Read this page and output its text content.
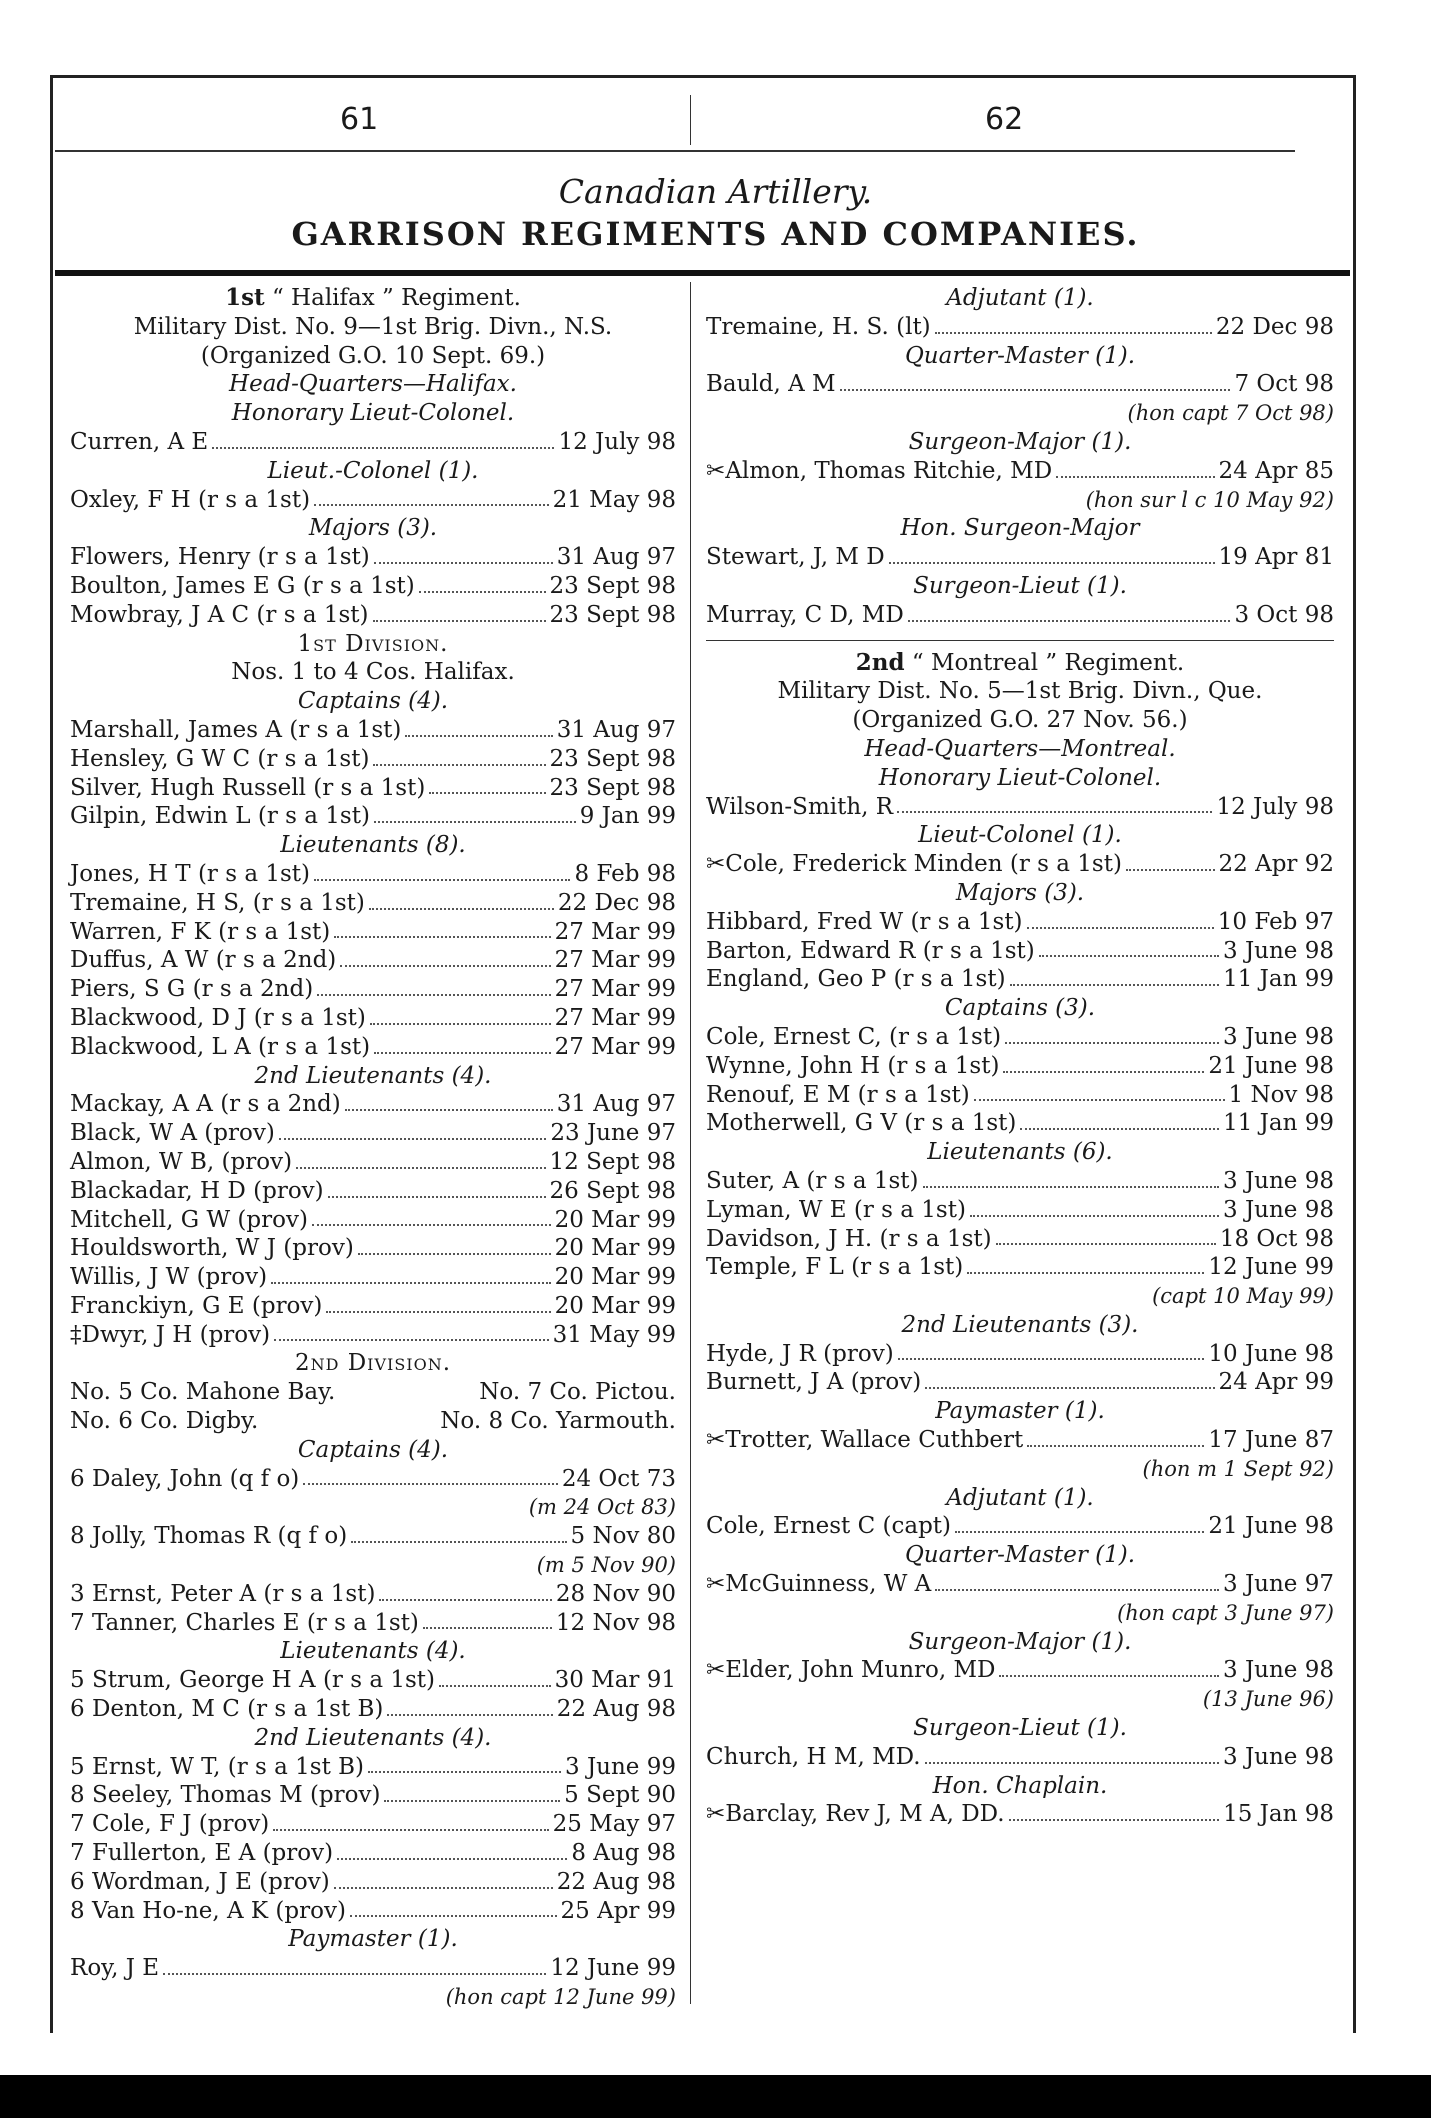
61	62
Canadian Artillery.
GARRISON REGIMENTS AND COMPANIES.
1st “ Halifax ” Regiment.
Military Dist. No. 9—1st Brig. Divn., N.S.
(Organized G.O. 10 Sept. 69.)
Head-Quarters—Halifax.
Honorary Lieut-Colonel.
Curren, A E	12 July 98
Lieut.-Colonel (1).
Oxley, F H (r s a 1st)	21 May 98
Majors (3).
Flowers, Henry (r s a 1st)	31 Aug 97
Boulton, James E G (r s a 1st)	23 Sept 98
Mowbray, J A C (r s a 1st)	23 Sept 98
1st Division.
Nos. 1 to 4 Cos. Halifax.
Captains (4).
Marshall, James A (r s a 1st)	31 Aug 97
Hensley, G W C (r s a 1st)	23 Sept 98
Silver, Hugh Russell (r s a 1st)	23 Sept 98
Gilpin, Edwin L (r s a 1st)	9 Jan 99
Lieutenants (8).
Jones, H T (r s a 1st)	8 Feb 98
Tremaine, H S, (r s a 1st)	22 Dec 98
Warren, F K (r s a 1st)	27 Mar 99
Duffus, A W (r s a 2nd)	27 Mar 99
Piers, S G (r s a 2nd)	27 Mar 99
Blackwood, D J (r s a 1st)	27 Mar 99
Blackwood, L A (r s a 1st)	27 Mar 99
2nd Lieutenants (4).
Mackay, A A (r s a 2nd)	31 Aug 97
Black, W A (prov)	23 June 97
Almon, W B, (prov)	12 Sept 98
Blackadar, H D (prov)	26 Sept 98
Mitchell, G W (prov)	20 Mar 99
Houldsworth, W J (prov)	20 Mar 99
Willis, J W (prov)	20 Mar 99
Franckiyn, G E (prov)	20 Mar 99
‡Dwyr, J H (prov)	31 May 99
2nd Division.
No. 5 Co. Mahone Bay.	No. 7 Co. Pictou.
No. 6 Co. Digby.	No. 8 Co. Yarmouth.
Captains (4).
6 Daley, John (q f o)	24 Oct 73
(m 24 Oct 83)
8 Jolly, Thomas R (q f o)	5 Nov 80
(m 5 Nov 90)
3 Ernst, Peter A (r s a 1st)	28 Nov 90
7 Tanner, Charles E (r s a 1st)	12 Nov 98
Lieutenants (4).
5 Strum, George H A (r s a 1st)	30 Mar 91
6 Denton, M C (r s a 1st B)	22 Aug 98
2nd Lieutenants (4).
5 Ernst, W T, (r s a 1st B)	3 June 99
8 Seeley, Thomas M (prov)	5 Sept 90
7 Cole, F J (prov)	25 May 97
7 Fullerton, E A (prov)	8 Aug 98
6 Wordman, J E (prov)	22 Aug 98
8 Van Ho-ne, A K (prov)	25 Apr 99
Paymaster (1).
Roy, J E	12 June 99
(hon capt 12 June 99)
Adjutant (1).
Tremaine, H. S. (lt)	22 Dec 98
Quarter-Master (1).
Bauld, A M	7 Oct 98
(hon capt 7 Oct 98)
Surgeon-Major (1).
✂Almon, Thomas Ritchie, MD	24 Apr 85
(hon sur l c 10 May 92)
Hon. Surgeon-Major
Stewart, J, M D	19 Apr 81
Surgeon-Lieut (1).
Murray, C D, MD	3 Oct 98
2nd “ Montreal ” Regiment.
Military Dist. No. 5—1st Brig. Divn., Que.
(Organized G.O. 27 Nov. 56.)
Head-Quarters—Montreal.
Honorary Lieut-Colonel.
Wilson-Smith, R	12 July 98
Lieut-Colonel (1).
✂Cole, Frederick Minden (r s a 1st)	22 Apr 92
Majors (3).
Hibbard, Fred W (r s a 1st)	10 Feb 97
Barton, Edward R (r s a 1st)	3 June 98
England, Geo P (r s a 1st)	11 Jan 99
Captains (3).
Cole, Ernest C, (r s a 1st)	3 June 98
Wynne, John H (r s a 1st)	21 June 98
Renouf, E M (r s a 1st)	1 Nov 98
Motherwell, G V (r s a 1st)	11 Jan 99
Lieutenants (6).
Suter, A (r s a 1st)	3 June 98
Lyman, W E (r s a 1st)	3 June 98
Davidson, J H. (r s a 1st)	18 Oct 98
Temple, F L (r s a 1st)	12 June 99
(capt 10 May 99)
2nd Lieutenants (3).
Hyde, J R (prov)	10 June 98
Burnett, J A (prov)	24 Apr 99
Paymaster (1).
✂Trotter, Wallace Cuthbert	17 June 87
(hon m 1 Sept 92)
Adjutant (1).
Cole, Ernest C (capt)	21 June 98
Quarter-Master (1).
✂McGuinness, W A	3 June 97
(hon capt 3 June 97)
Surgeon-Major (1).
✂Elder, John Munro, MD	3 June 98
(13 June 96)
Surgeon-Lieut (1).
Church, H M, MD.	3 June 98
Hon. Chaplain.
✂Barclay, Rev J, M A, DD.	15 Jan 98
